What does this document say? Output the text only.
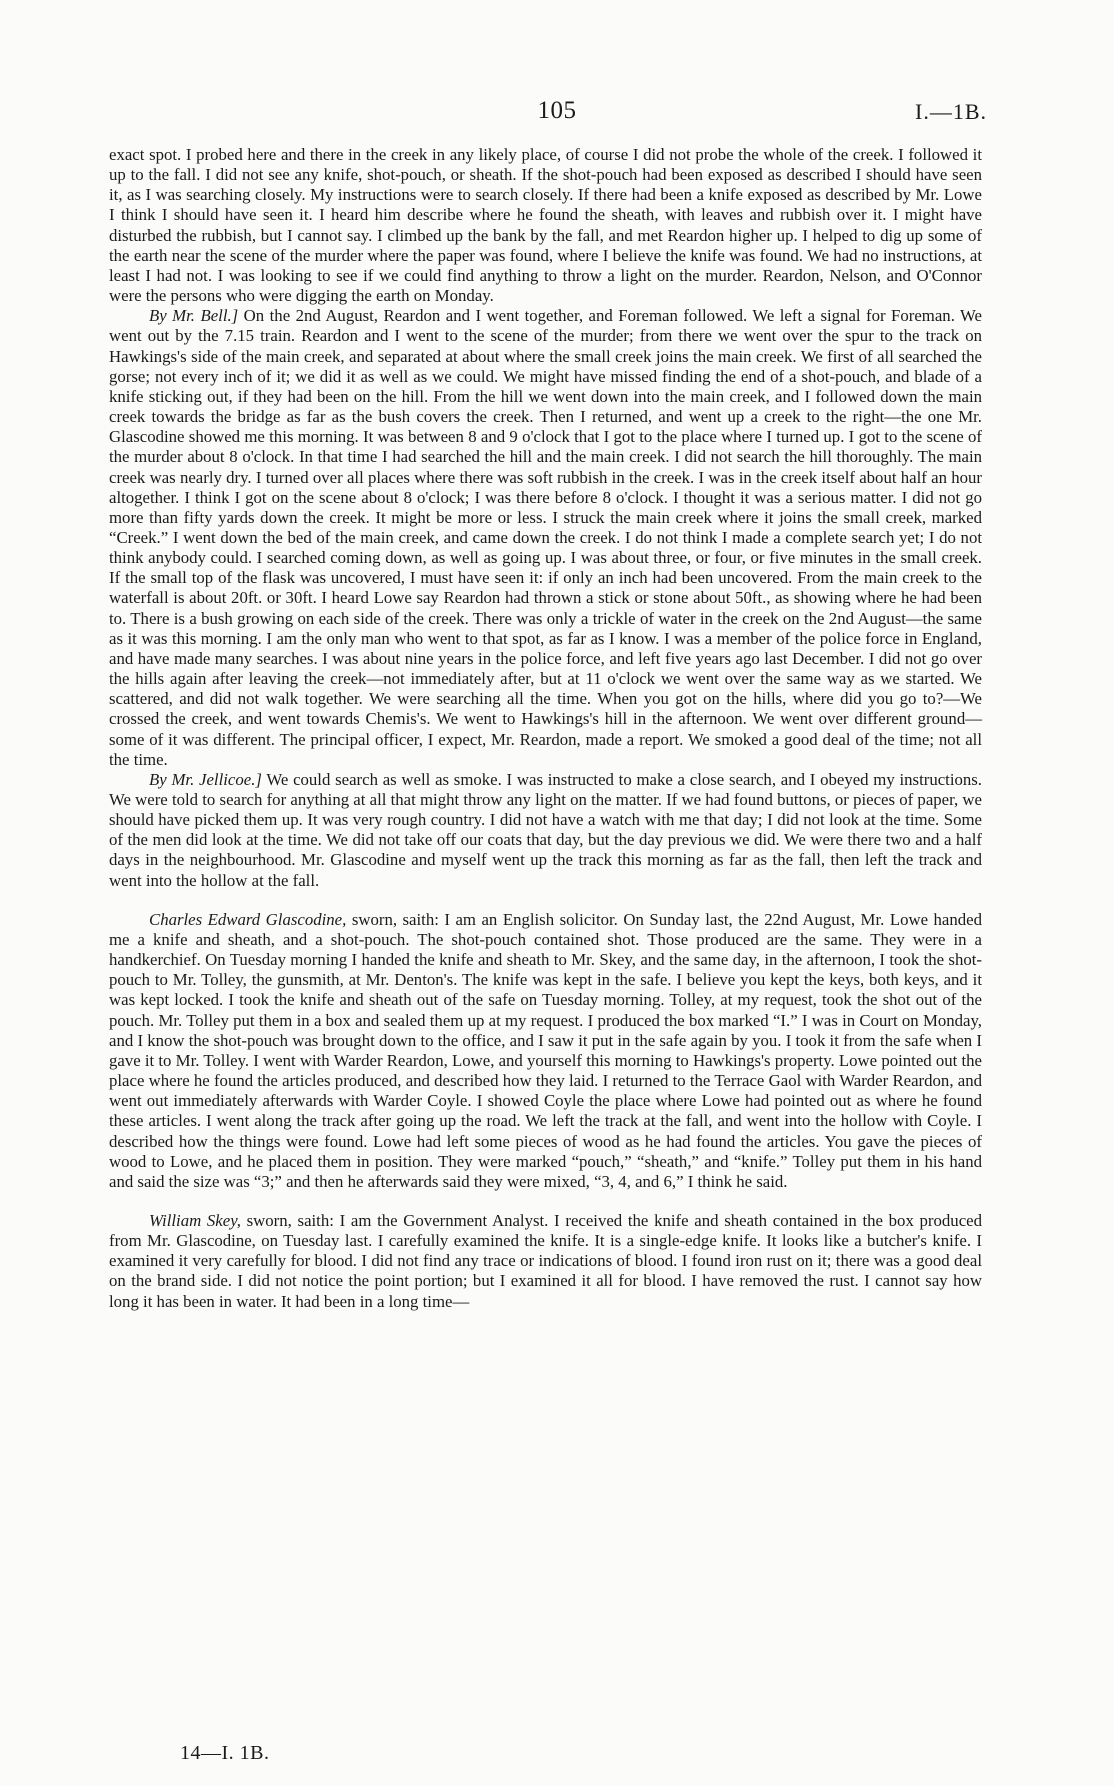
105	I.—1B.

exact spot. I probed here and there in the creek in any likely place, of course I did not probe the whole of the creek. I followed it up to the fall. I did not see any knife, shot-pouch, or sheath. If the shot-pouch had been exposed as described I should have seen it, as I was searching closely. My instructions were to search closely. If there had been a knife exposed as described by Mr. Lowe I think I should have seen it. I heard him describe where he found the sheath, with leaves and rubbish over it. I might have disturbed the rubbish, but I cannot say. I climbed up the bank by the fall, and met Reardon higher up. I helped to dig up some of the earth near the scene of the murder where the paper was found, where I believe the knife was found. We had no instructions, at least I had not. I was looking to see if we could find anything to throw a light on the murder. Reardon, Nelson, and O'Connor were the persons who were digging the earth on Monday.

By Mr. Bell.] On the 2nd August, Reardon and I went together, and Foreman followed. We left a signal for Foreman. We went out by the 7.15 train. Reardon and I went to the scene of the murder; from there we went over the spur to the track on Hawkings's side of the main creek, and separated at about where the small creek joins the main creek. We first of all searched the gorse; not every inch of it; we did it as well as we could. We might have missed finding the end of a shot-pouch, and blade of a knife sticking out, if they had been on the hill. From the hill we went down into the main creek, and I followed down the main creek towards the bridge as far as the bush covers the creek. Then I returned, and went up a creek to the right—the one Mr. Glascodine showed me this morning. It was between 8 and 9 o'clock that I got to the place where I turned up. I got to the scene of the murder about 8 o'clock. In that time I had searched the hill and the main creek. I did not search the hill thoroughly. The main creek was nearly dry. I turned over all places where there was soft rubbish in the creek. I was in the creek itself about half an hour altogether. I think I got on the scene about 8 o'clock; I was there before 8 o'clock. I thought it was a serious matter. I did not go more than fifty yards down the creek. It might be more or less. I struck the main creek where it joins the small creek, marked “Creek.” I went down the bed of the main creek, and came down the creek. I do not think I made a complete search yet; I do not think anybody could. I searched coming down, as well as going up. I was about three, or four, or five minutes in the small creek. If the small top of the flask was uncovered, I must have seen it: if only an inch had been uncovered. From the main creek to the waterfall is about 20ft. or 30ft. I heard Lowe say Reardon had thrown a stick or stone about 50ft., as showing where he had been to. There is a bush growing on each side of the creek. There was only a trickle of water in the creek on the 2nd August—the same as it was this morning. I am the only man who went to that spot, as far as I know. I was a member of the police force in England, and have made many searches. I was about nine years in the police force, and left five years ago last December. I did not go over the hills again after leaving the creek—not immediately after, but at 11 o'clock we went over the same way as we started. We scattered, and did not walk together. We were searching all the time. When you got on the hills, where did you go to?—We crossed the creek, and went towards Chemis's. We went to Hawkings's hill in the afternoon. We went over different ground—some of it was different. The principal officer, I expect, Mr. Reardon, made a report. We smoked a good deal of the time; not all the time.

By Mr. Jellicoe.] We could search as well as smoke. I was instructed to make a close search, and I obeyed my instructions. We were told to search for anything at all that might throw any light on the matter. If we had found buttons, or pieces of paper, we should have picked them up. It was very rough country. I did not have a watch with me that day; I did not look at the time. Some of the men did look at the time. We did not take off our coats that day, but the day previous we did. We were there two and a half days in the neighbourhood. Mr. Glascodine and myself went up the track this morning as far as the fall, then left the track and went into the hollow at the fall.

Charles Edward Glascodine, sworn, saith: I am an English solicitor. On Sunday last, the 22nd August, Mr. Lowe handed me a knife and sheath, and a shot-pouch. The shot-pouch contained shot. Those produced are the same. They were in a handkerchief. On Tuesday morning I handed the knife and sheath to Mr. Skey, and the same day, in the afternoon, I took the shot-pouch to Mr. Tolley, the gunsmith, at Mr. Denton's. The knife was kept in the safe. I believe you kept the keys, both keys, and it was kept locked. I took the knife and sheath out of the safe on Tuesday morning. Tolley, at my request, took the shot out of the pouch. Mr. Tolley put them in a box and sealed them up at my request. I produced the box marked “I.” I was in Court on Monday, and I know the shot-pouch was brought down to the office, and I saw it put in the safe again by you. I took it from the safe when I gave it to Mr. Tolley. I went with Warder Reardon, Lowe, and yourself this morning to Hawkings's property. Lowe pointed out the place where he found the articles produced, and described how they laid. I returned to the Terrace Gaol with Warder Reardon, and went out immediately afterwards with Warder Coyle. I showed Coyle the place where Lowe had pointed out as where he found these articles. I went along the track after going up the road. We left the track at the fall, and went into the hollow with Coyle. I described how the things were found. Lowe had left some pieces of wood as he had found the articles. You gave the pieces of wood to Lowe, and he placed them in position. They were marked “pouch,” “sheath,” and “knife.” Tolley put them in his hand and said the size was “3;” and then he afterwards said they were mixed, “3, 4, and 6,” I think he said.

William Skey, sworn, saith: I am the Government Analyst. I received the knife and sheath contained in the box produced from Mr. Glascodine, on Tuesday last. I carefully examined the knife. It is a single-edge knife. It looks like a butcher's knife. I examined it very carefully for blood. I did not find any trace or indications of blood. I found iron rust on it; there was a good deal on the brand side. I did not notice the point portion; but I examined it all for blood. I have removed the rust. I cannot say how long it has been in water. It had been in a long time—

14—I. 1B.
